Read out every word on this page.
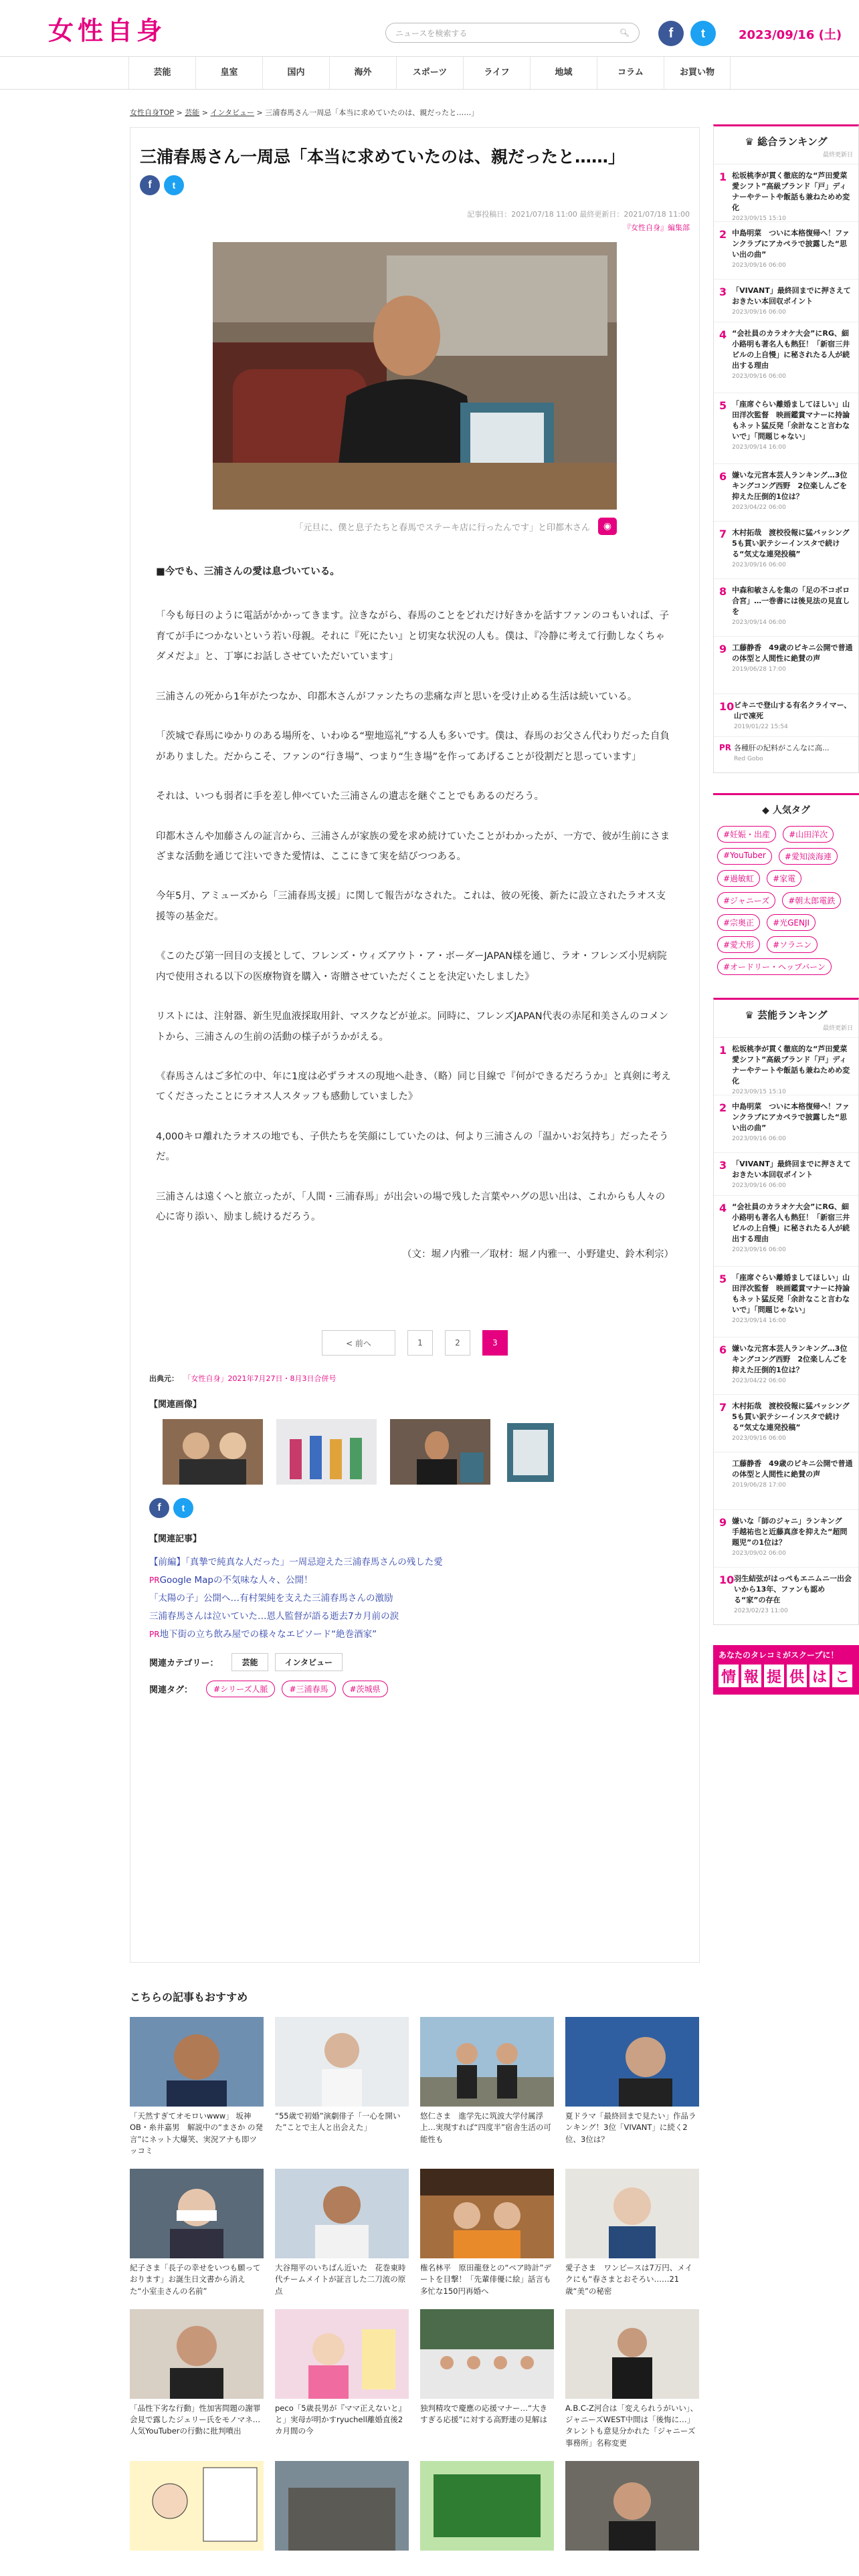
女性自身	ニュースを検索する	🔍︎	f	t	2023/09/16 (土)
芸能	皇室	国内	海外	スポーツ	ライフ	地域	コラム	お買い物
女性自身TOP > 芸能 > インタビュー > 三浦春馬さん一周忌「本当に求めていたのは、親だったと……」
三浦春馬さん一周忌「本当に求めていたのは、親だったと……」
f	t
記事投稿日：2021/07/18 11:00 最終更新日：2021/07/18 11:00
『女性自身』編集部
「元旦に、僕と息子たちと春馬でステーキ店に行ったんです」と印都木さん	◉

■今でも、三浦さんの愛は息づいている。

「今も毎日のように電話がかかってきます。泣きながら、春馬のことをどれだけ好きかを話すファンのコもいれば、子育てが手につかないという若い母親。それに『死にたい』と切実な状況の人も。僕は、『冷静に考えて行動しなくちゃダメだよ』と、丁寧にお話しさせていただいています」

三浦さんの死から1年がたつなか、印都木さんがファンたちの悲痛な声と思いを受け止める生活は続いている。

「茨城で春馬にゆかりのある場所を、いわゆる“聖地巡礼”する人も多いです。僕は、春馬のお父さん代わりだった自負がありました。だからこそ、ファンの“行き場”、つまり“生き場”を作ってあげることが役割だと思っています」

それは、いつも弱者に手を差し伸べていた三浦さんの遺志を継ぐことでもあるのだろう。

印都木さんや加藤さんの証言から、三浦さんが家族の愛を求め続けていたことがわかったが、一方で、彼が生前にさまざまな活動を通じて注いできた愛情は、ここにきて実を結びつつある。

今年5月、アミューズから「三浦春馬支援」に関して報告がなされた。これは、彼の死後、新たに設立されたラオス支援等の基金だ。

《このたび第一回目の支援として、フレンズ・ウィズアウト・ア・ボーダーJAPAN様を通じ、ラオ・フレンズ小児病院内で使用される以下の医療物資を購入・寄贈させていただくことを決定いたしました》

リストには、注射器、新生児血液採取用針、マスクなどが並ぶ。同時に、フレンズJAPAN代表の赤尾和美さんのコメントから、三浦さんの生前の活動の様子がうかがえる。

《春馬さんはご多忙の中、年に1度は必ずラオスの現地へ赴き、（略）同じ目線で『何ができるだろうか』と真剣に考えてくださったことにラオス人スタッフも感動していました》

4,000キロ離れたラオスの地でも、子供たちを笑顔にしていたのは、何より三浦さんの「温かいお気持ち」だったそうだ。

三浦さんは遠くへと旅立ったが、「人間・三浦春馬」が出会いの場で残した言葉やハグの思い出は、これからも人々の心に寄り添い、励まし続けるだろう。

（文：堀ノ内雅一／取材：堀ノ内雅一、小野建史、鈴木利宗）

< 前へ	1	2	3
出典元： 「女性自身」2021年7月27日・8月3日合併号
【関連画像】
f	t
【関連記事】
【前編】「真摯で純真な人だった」一周忌迎えた三浦春馬さんの残した愛
PRGoogle Mapの不気味な人々、公開！
「太陽の子」公開へ…有村架純を支えた三浦春馬さんの激励
三浦春馬さんは泣いていた…恩人監督が語る逝去7カ月前の涙
PR地下街の立ち飲み屋での様々なエピソード“絶巻酒家”
関連カテゴリー：	芸能	インタビュー
関連タグ：	#シリーズ人脈	#三浦春馬	#茨城県
こちらの記事もおすすめ
「天然すぎてオモロいwww」 坂神OB・糸井嘉男　解説中の“まさか の発言”にネット大爆笑、実況アナも即ツッコミ
“55歳で初婚”演劇俳子「一心を開いた”ことで主人と出会えた」
悠仁さま　進学先に筑波大学付属浮上…実現すれば“四度半”宿舎生活の可能性も
夏ドラマ「最終回まで見たい」作品ランキング！3位「VIVANT」に続く2位、3位は？
紀子さま「長子の幸せをいつも願っております」お誕生日文書から消えた“小室圭さんの名前”
大谷翔平のいちばん近いた　花巻東時代チームメイトが証言した二刀流の原点
権名林平　原田龍登との“ペア時計”デートを目撃！「先輩俳優に絵」話言も多忙な150円再婚へ
愛子さま　ワンピースは7万円、メイクにも“春さまとおそろい……21歳“美”の秘密
「品性下劣な行動」性加害問題の謝罪会見で露したジェリー氏をモノマネ…人気YouTuberの行動に批判噴出
peco「5歳長男が『ママ正えないと』と」実母が明かすryuchell離婚直後2カ月間の今
独判精攻で慶應の応援マナー…“大きすぎる応援”に対する高野連の見解は
A.B.C-Z河合は「変えられうがいい」、ジャニーズWEST中間は「後悔に…」タレントも意見分かれた「ジャニーズ事務所」名称変更
♛ 総合ランキング
最終更新日
1 松坂桃李が貫く徹底的な“芦田愛菜愛シフト”高級ブランド「戸」ディナーやテートや飯話も兼ねためめ変化
2023/09/15 15:10
2 中島明菜　ついに本格復帰へ！ファンクラブにアカペラで披露した“思い出の曲”
2023/09/16 06:00
3 「VIVANT」最終回までに押さえておきたい本回収ポイント
2023/09/16 06:00
4 “会社員のカラオケ大会”にRG、細小路明も著名人も熱狂！「新宿三井ビルの上自慢」に秘されたる人が続出する理由
2023/09/16 06:00
5 「座席ぐらい離婚ましてほしい」山田洋次監督　映画鑑賞マナーに持論もネット猛反発「余計なこと言わないで」「問題じゃない」
2023/09/14 16:00
6 嫌いな元宮本芸人ランキング…3位キングコング西野　2位楽しんごを抑えた圧倒的1位は？
2023/04/22 06:00
7 木村拓哉　渡校役報に猛バッシング5も貫い訳テシーインスタで続ける“気丈な連発投稿”
2023/09/16 06:00
8 中森和敏さんを集の「足の不コボロ合宮」…一巻書には後見法の見直しを
2023/09/14 06:00
9 工藤静香　49歳のビキニ公開で普通の体型と人間性に絶賛の声
2019/06/28 17:00
10 ビキニで登山する有名クライマー、山で凍死
2019/01/22 15:54
PR 各種肝の紀料がこんなに高...
Red Gobo
◆ 人気タグ
#妊娠・出産	#山田洋次
#YouTuber	#愛知淡海連
#過敏虹	#家電
#ジャニーズ	#朝太郎電鉄
#宗奥正	#光GENJI
#愛犬形	#ソラニン
#オードリー・ヘップバーン
♛ 芸能ランキング
最終更新日
1 松坂桃李が貫く徹底的な“芦田愛菜愛シフト”高級ブランド「戸」ディナーやテートや飯話も兼ねためめ変化
2023/09/15 15:10
2 中島明菜　ついに本格復帰へ！ファンクラブにアカペラで披露した“思い出の曲”
2023/09/16 06:00
3 「VIVANT」最終回までに押さえておきたい本回収ポイント
2023/09/16 06:00
4 “会社員のカラオケ大会”にRG、細小路明も著名人も熱狂！「新宿三井ビルの上自慢」に秘されたる人が続出する理由
2023/09/16 06:00
5 「座席ぐらい離婚ましてほしい」山田洋次監督　映画鑑賞マナーに持論もネット猛反発「余計なこと言わないで」「問題じゃない」
2023/09/14 16:00
6 嫌いな元宮本芸人ランキング…3位キングコング西野　2位楽しんごを抑えた圧倒的1位は？
2023/04/22 06:00
7 木村拓哉　渡校役報に猛バッシング5も貫い訳テシーインスタで続ける“気丈な連発投稿”
2023/09/16 06:00
工藤静香　49歳のビキニ公開で普通の体型と人間性に絶賛の声
2019/06/28 17:00
9 嫌いな「師のジャニ」ランキング　手越祐也と近藤真彦を抑えた“超問題児”の1位は？
2023/09/02 06:00
10 羽生結弦がはっぺもエニムニ一出会いから13年、ファンも認める“家”の存在
2023/02/23 11:00
あなたのタレコミがスクープに！
情 報 提 供 は こ
